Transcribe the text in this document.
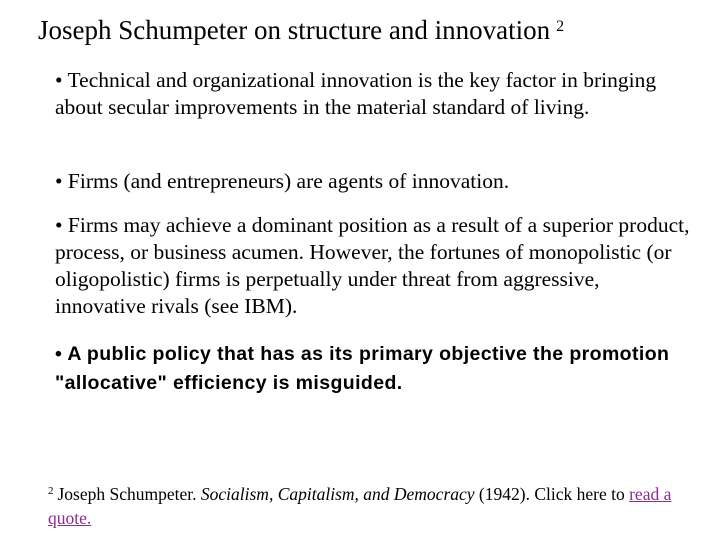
Joseph Schumpeter on structure and innovation $^2$

• Technical and organizational innovation is the key factor in bringing about secular improvements in the material standard of living.

• Firms (and entrepreneurs) are agents of innovation.

• Firms may achieve a dominant position as a result of a superior product, process, or business acumen. However, the fortunes of monopolistic (or oligopolistic) firms is perpetually under threat from aggressive, innovative rivals (see IBM).

• A public policy that has as its primary objective the promotion "allocative" efficiency is misguided.

$^2$ Joseph Schumpeter. Socialism, Capitalism, and Democracy (1942). Click here to read a quote.
